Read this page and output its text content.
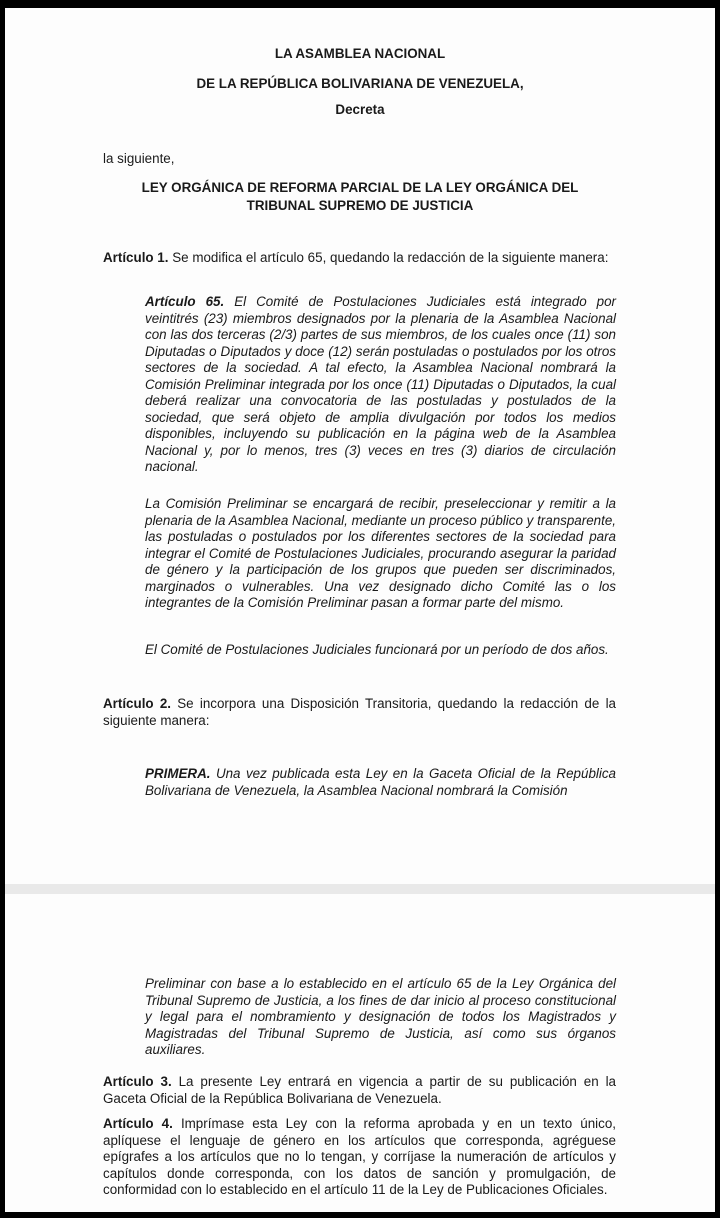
LA ASAMBLEA NACIONAL

DE LA REPÚBLICA BOLIVARIANA DE VENEZUELA,

Decreta

la siguiente,

LEY ORGÁNICA DE REFORMA PARCIAL DE LA LEY ORGÁNICA DEL

TRIBUNAL SUPREMO DE JUSTICIA

Artículo 1. Se modifica el artículo 65, quedando la redacción de la siguiente manera:

Artículo 65. El Comité de Postulaciones Judiciales está integrado por veintitrés (23) miembros designados por la plenaria de la Asamblea Nacional con las dos terceras (2/3) partes de sus miembros, de los cuales once (11) son Diputadas o Diputados y doce (12) serán postuladas o postulados por los otros sectores de la sociedad. A tal efecto, la Asamblea Nacional nombrará la Comisión Preliminar integrada por los once (11) Diputadas o Diputados, la cual deberá realizar una convocatoria de las postuladas y postulados de la sociedad, que será objeto de amplia divulgación por todos los medios disponibles, incluyendo su publicación en la página web de la Asamblea Nacional y, por lo menos, tres (3) veces en tres (3) diarios de circulación nacional.

La Comisión Preliminar se encargará de recibir, preseleccionar y remitir a la plenaria de la Asamblea Nacional, mediante un proceso público y transparente, las postuladas o postulados por los diferentes sectores de la sociedad para integrar el Comité de Postulaciones Judiciales, procurando asegurar la paridad de género y la participación de los grupos que pueden ser discriminados, marginados o vulnerables. Una vez designado dicho Comité las o los integrantes de la Comisión Preliminar pasan a formar parte del mismo.

El Comité de Postulaciones Judiciales funcionará por un período de dos años.

Artículo 2. Se incorpora una Disposición Transitoria, quedando la redacción de la siguiente manera:

PRIMERA. Una vez publicada esta Ley en la Gaceta Oficial de la República Bolivariana de Venezuela, la Asamblea Nacional nombrará la Comisión

Preliminar con base a lo establecido en el artículo 65 de la Ley Orgánica del Tribunal Supremo de Justicia, a los fines de dar inicio al proceso constitucional y legal para el nombramiento y designación de todos los Magistrados y Magistradas del Tribunal Supremo de Justicia, así como sus órganos auxiliares.

Artículo 3. La presente Ley entrará en vigencia a partir de su publicación en la Gaceta Oficial de la República Bolivariana de Venezuela.

Artículo 4. Imprímase esta Ley con la reforma aprobada y en un texto único, aplíquese el lenguaje de género en los artículos que corresponda, agréguese epígrafes a los artículos que no lo tengan, y corríjase la numeración de artículos y capítulos donde corresponda, con los datos de sanción y promulgación, de conformidad con lo establecido en el artículo 11 de la Ley de Publicaciones Oficiales.
